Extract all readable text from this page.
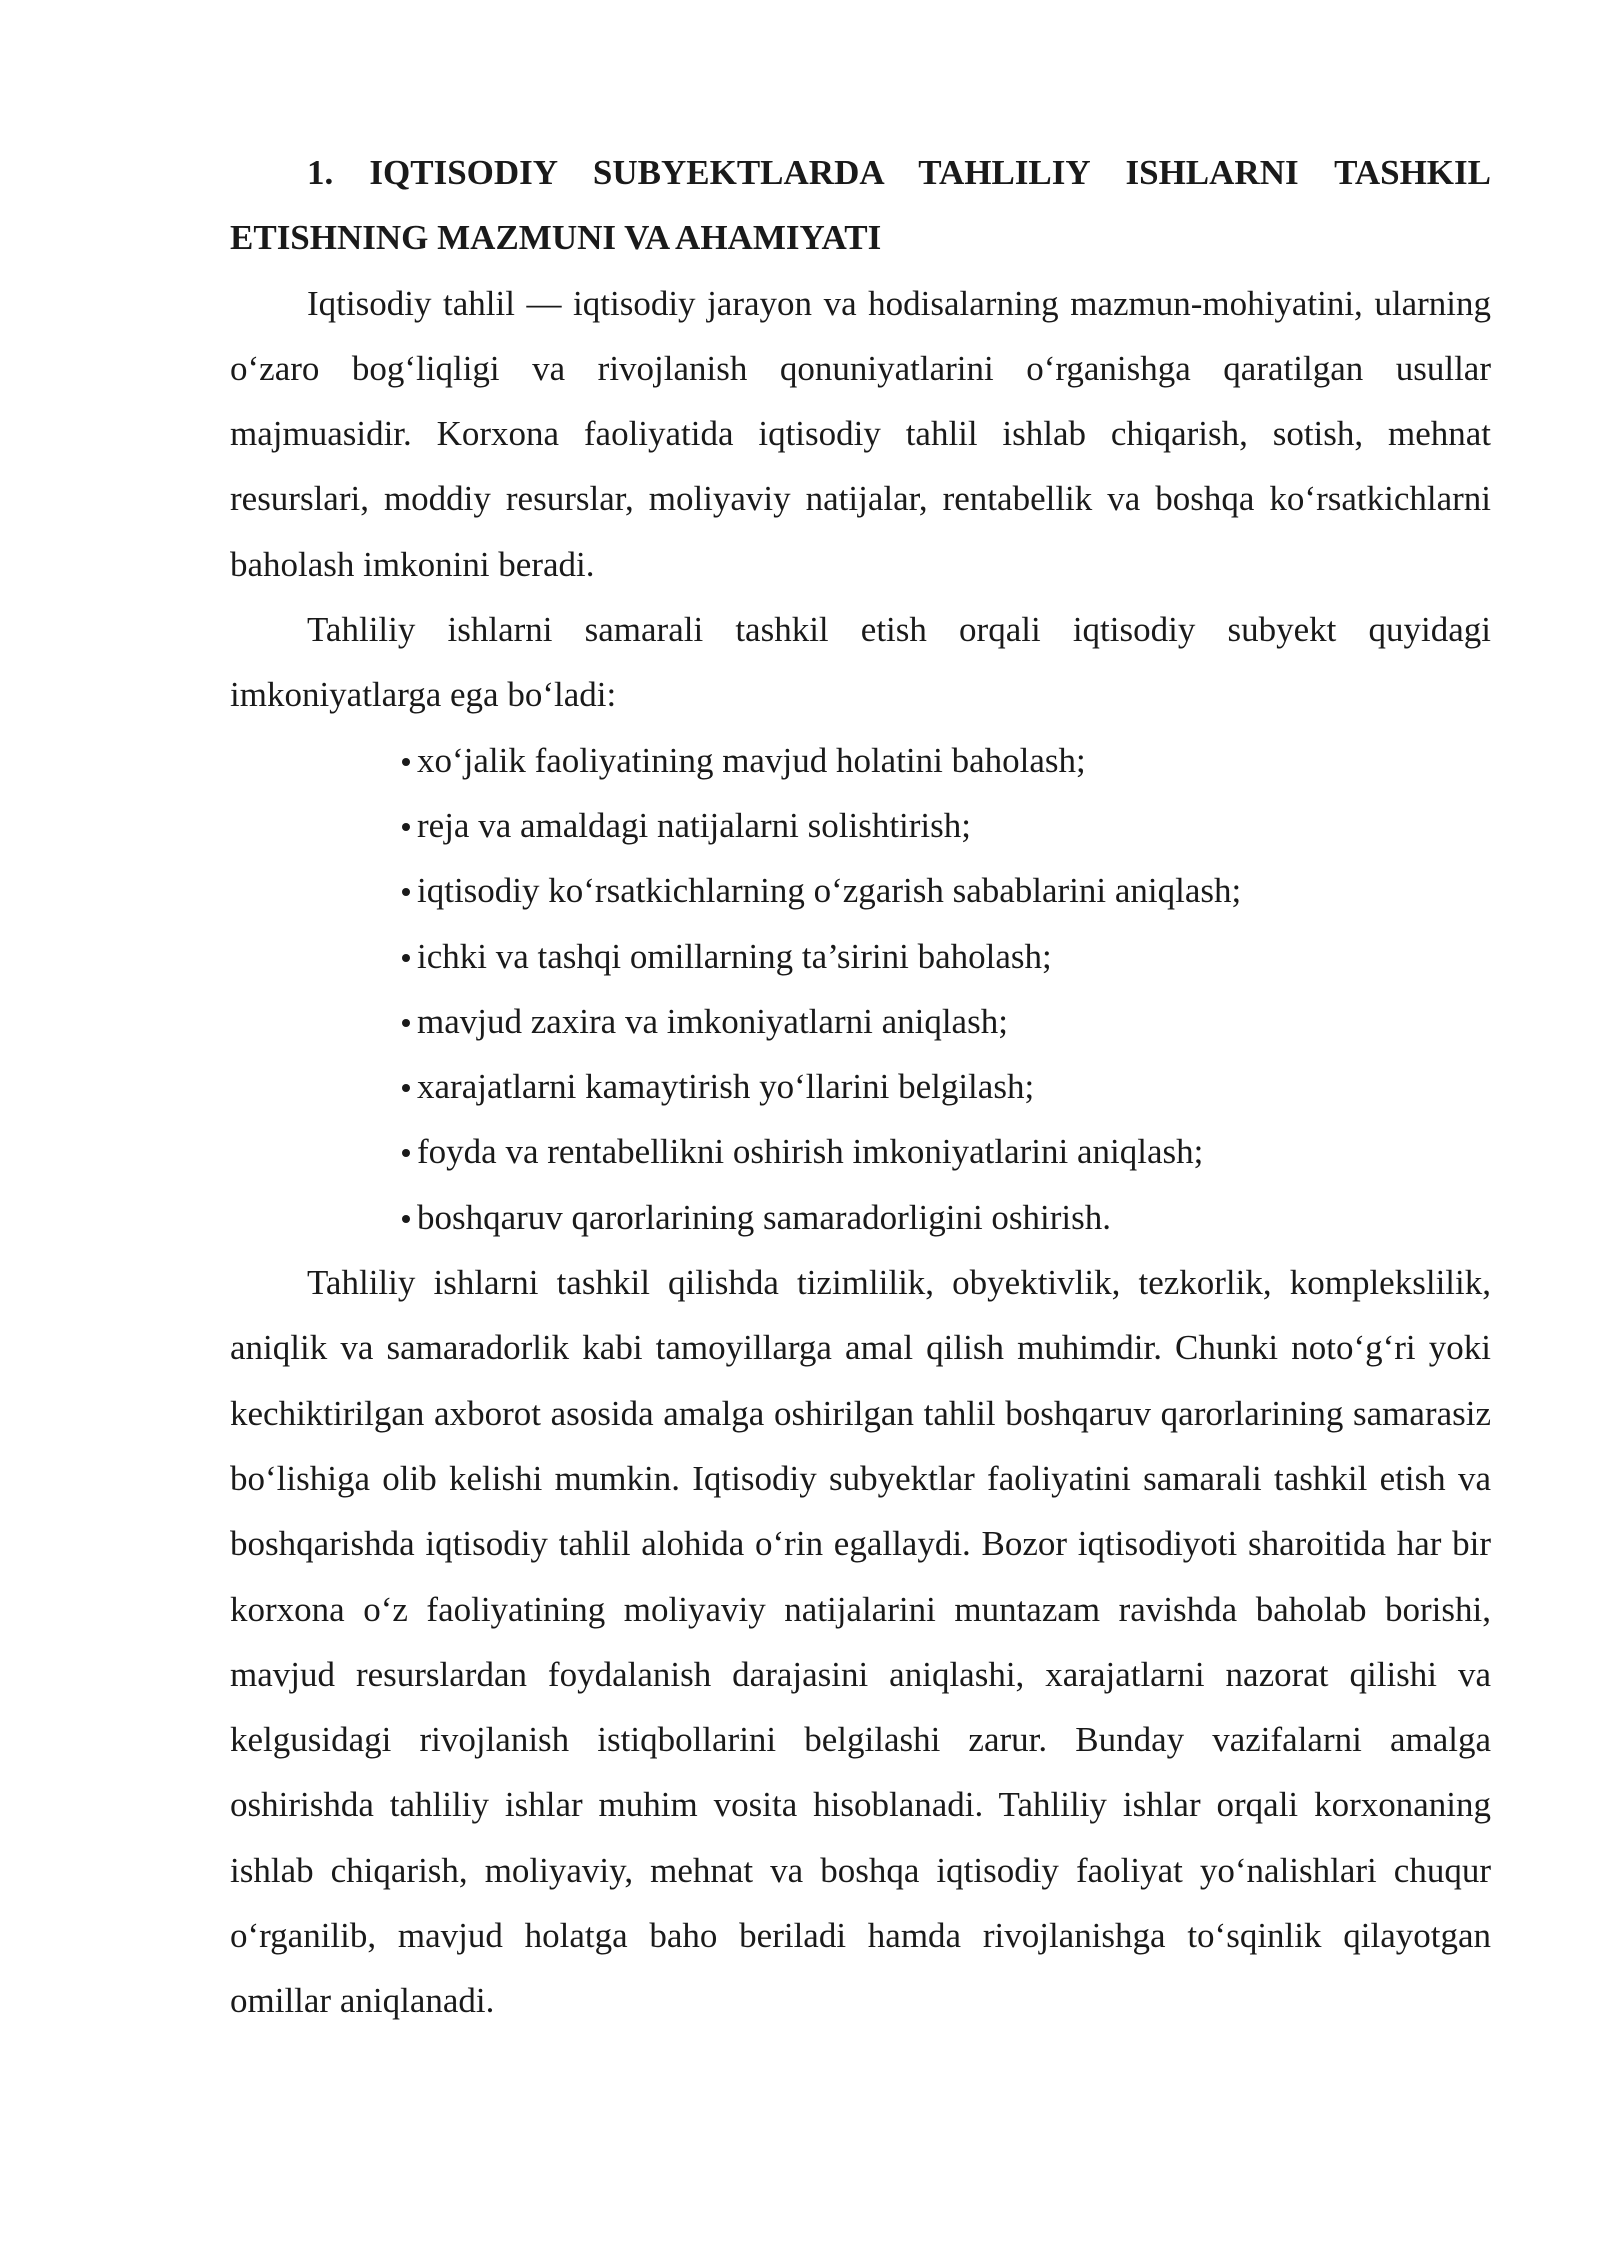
1. IQTISODIY SUBYEKTLARDA TAHLILIY ISHLARNI TASHKIL ETISHNING MAZMUNI VA AHAMIYATI

Iqtisodiy tahlil — iqtisodiy jarayon va hodisalarning mazmun-mohiyatini, ularning o‘zaro bog‘liqligi va rivojlanish qonuniyatlarini o‘rganishga qaratilgan usullar majmuasidir. Korxona faoliyatida iqtisodiy tahlil ishlab chiqarish, sotish, mehnat resurslari, moddiy resurslar, moliyaviy natijalar, rentabellik va boshqa ko‘rsatkichlarni baholash imkonini beradi.

Tahliliy ishlarni samarali tashkil etish orqali iqtisodiy subyekt quyidagi imkoniyatlarga ega bo‘ladi:

xo‘jalik faoliyatining mavjud holatini baholash;
reja va amaldagi natijalarni solishtirish;
iqtisodiy ko‘rsatkichlarning o‘zgarish sabablarini aniqlash;
ichki va tashqi omillarning ta’sirini baholash;
mavjud zaxira va imkoniyatlarni aniqlash;
xarajatlarni kamaytirish yo‘llarini belgilash;
foyda va rentabellikni oshirish imkoniyatlarini aniqlash;
boshqaruv qarorlarining samaradorligini oshirish.

Tahliliy ishlarni tashkil qilishda tizimlilik, obyektivlik, tezkorlik, komplekslilik, aniqlik va samaradorlik kabi tamoyillarga amal qilish muhimdir. Chunki noto‘g‘ri yoki kechiktirilgan axborot asosida amalga oshirilgan tahlil boshqaruv qarorlarining samarasiz bo‘lishiga olib kelishi mumkin. Iqtisodiy subyektlar faoliyatini samarali tashkil etish va boshqarishda iqtisodiy tahlil alohida o‘rin egallaydi. Bozor iqtisodiyoti sharoitida har bir korxona o‘z faoliyatining moliyaviy natijalarini muntazam ravishda baholab borishi, mavjud resurslardan foydalanish darajasini aniqlashi, xarajatlarni nazorat qilishi va kelgusidagi rivojlanish istiqbollarini belgilashi zarur. Bunday vazifalarni amalga oshirishda tahliliy ishlar muhim vosita hisoblanadi. Tahliliy ishlar orqali korxonaning ishlab chiqarish, moliyaviy, mehnat va boshqa iqtisodiy faoliyat yo‘nalishlari chuqur o‘rganilib, mavjud holatga baho beriladi hamda rivojlanishga to‘sqinlik qilayotgan omillar aniqlanadi.
